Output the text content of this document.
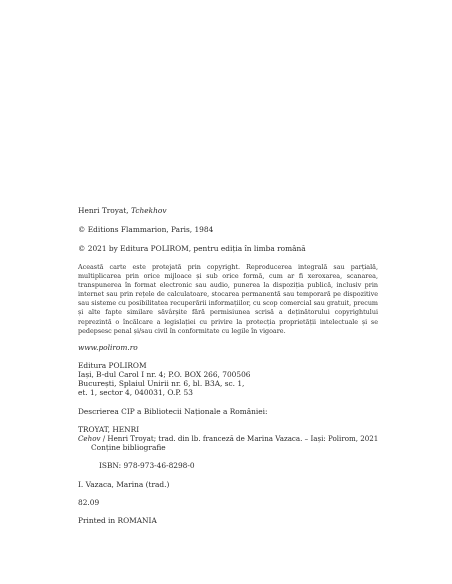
Henri Troyat, Tchekhov
© Editions Flammarion, Paris, 1984
© 2021 by Editura POLIROM, pentru ediția în limba română
Această carte este protejată prin copyright. Reproducerea integrală sau parțială, multiplicarea prin orice mijloace și sub orice formă, cum ar fi xeroxarea, scanarea, transpunerea în format electronic sau audio, punerea la dispoziția publică, inclusiv prin internet sau prin rețele de calculatoare, stocarea permanentă sau temporară pe dispozitive sau sisteme cu posibilitatea recuperării informațiilor, cu scop comercial sau gratuit, precum și alte fapte similare săvârșite fără permisiunea scrisă a deținătorului copyrightului reprezintă o încălcare a legislației cu privire la protecția proprietății intelectuale și se pedepsesc penal și/sau civil în conformitate cu legile în vigoare.
www.polirom.ro
Editura POLIROM
Iași, B-dul Carol I nr. 4; P.O. BOX 266, 700506
București, Splaiul Unirii nr. 6, bl. B3A, sc. 1,
et. 1, sector 4, 040031, O.P. 53
Descrierea CIP a Bibliotecii Naționale a României:
TROYAT, HENRI
Cehov / Henri Troyat; trad. din lb. franceză de Marina Vazaca. – Iași: Polirom, 2021
Conține bibliografie
ISBN: 978-973-46-8298-0
I. Vazaca, Marina (trad.)
82.09
Printed in ROMANIA
